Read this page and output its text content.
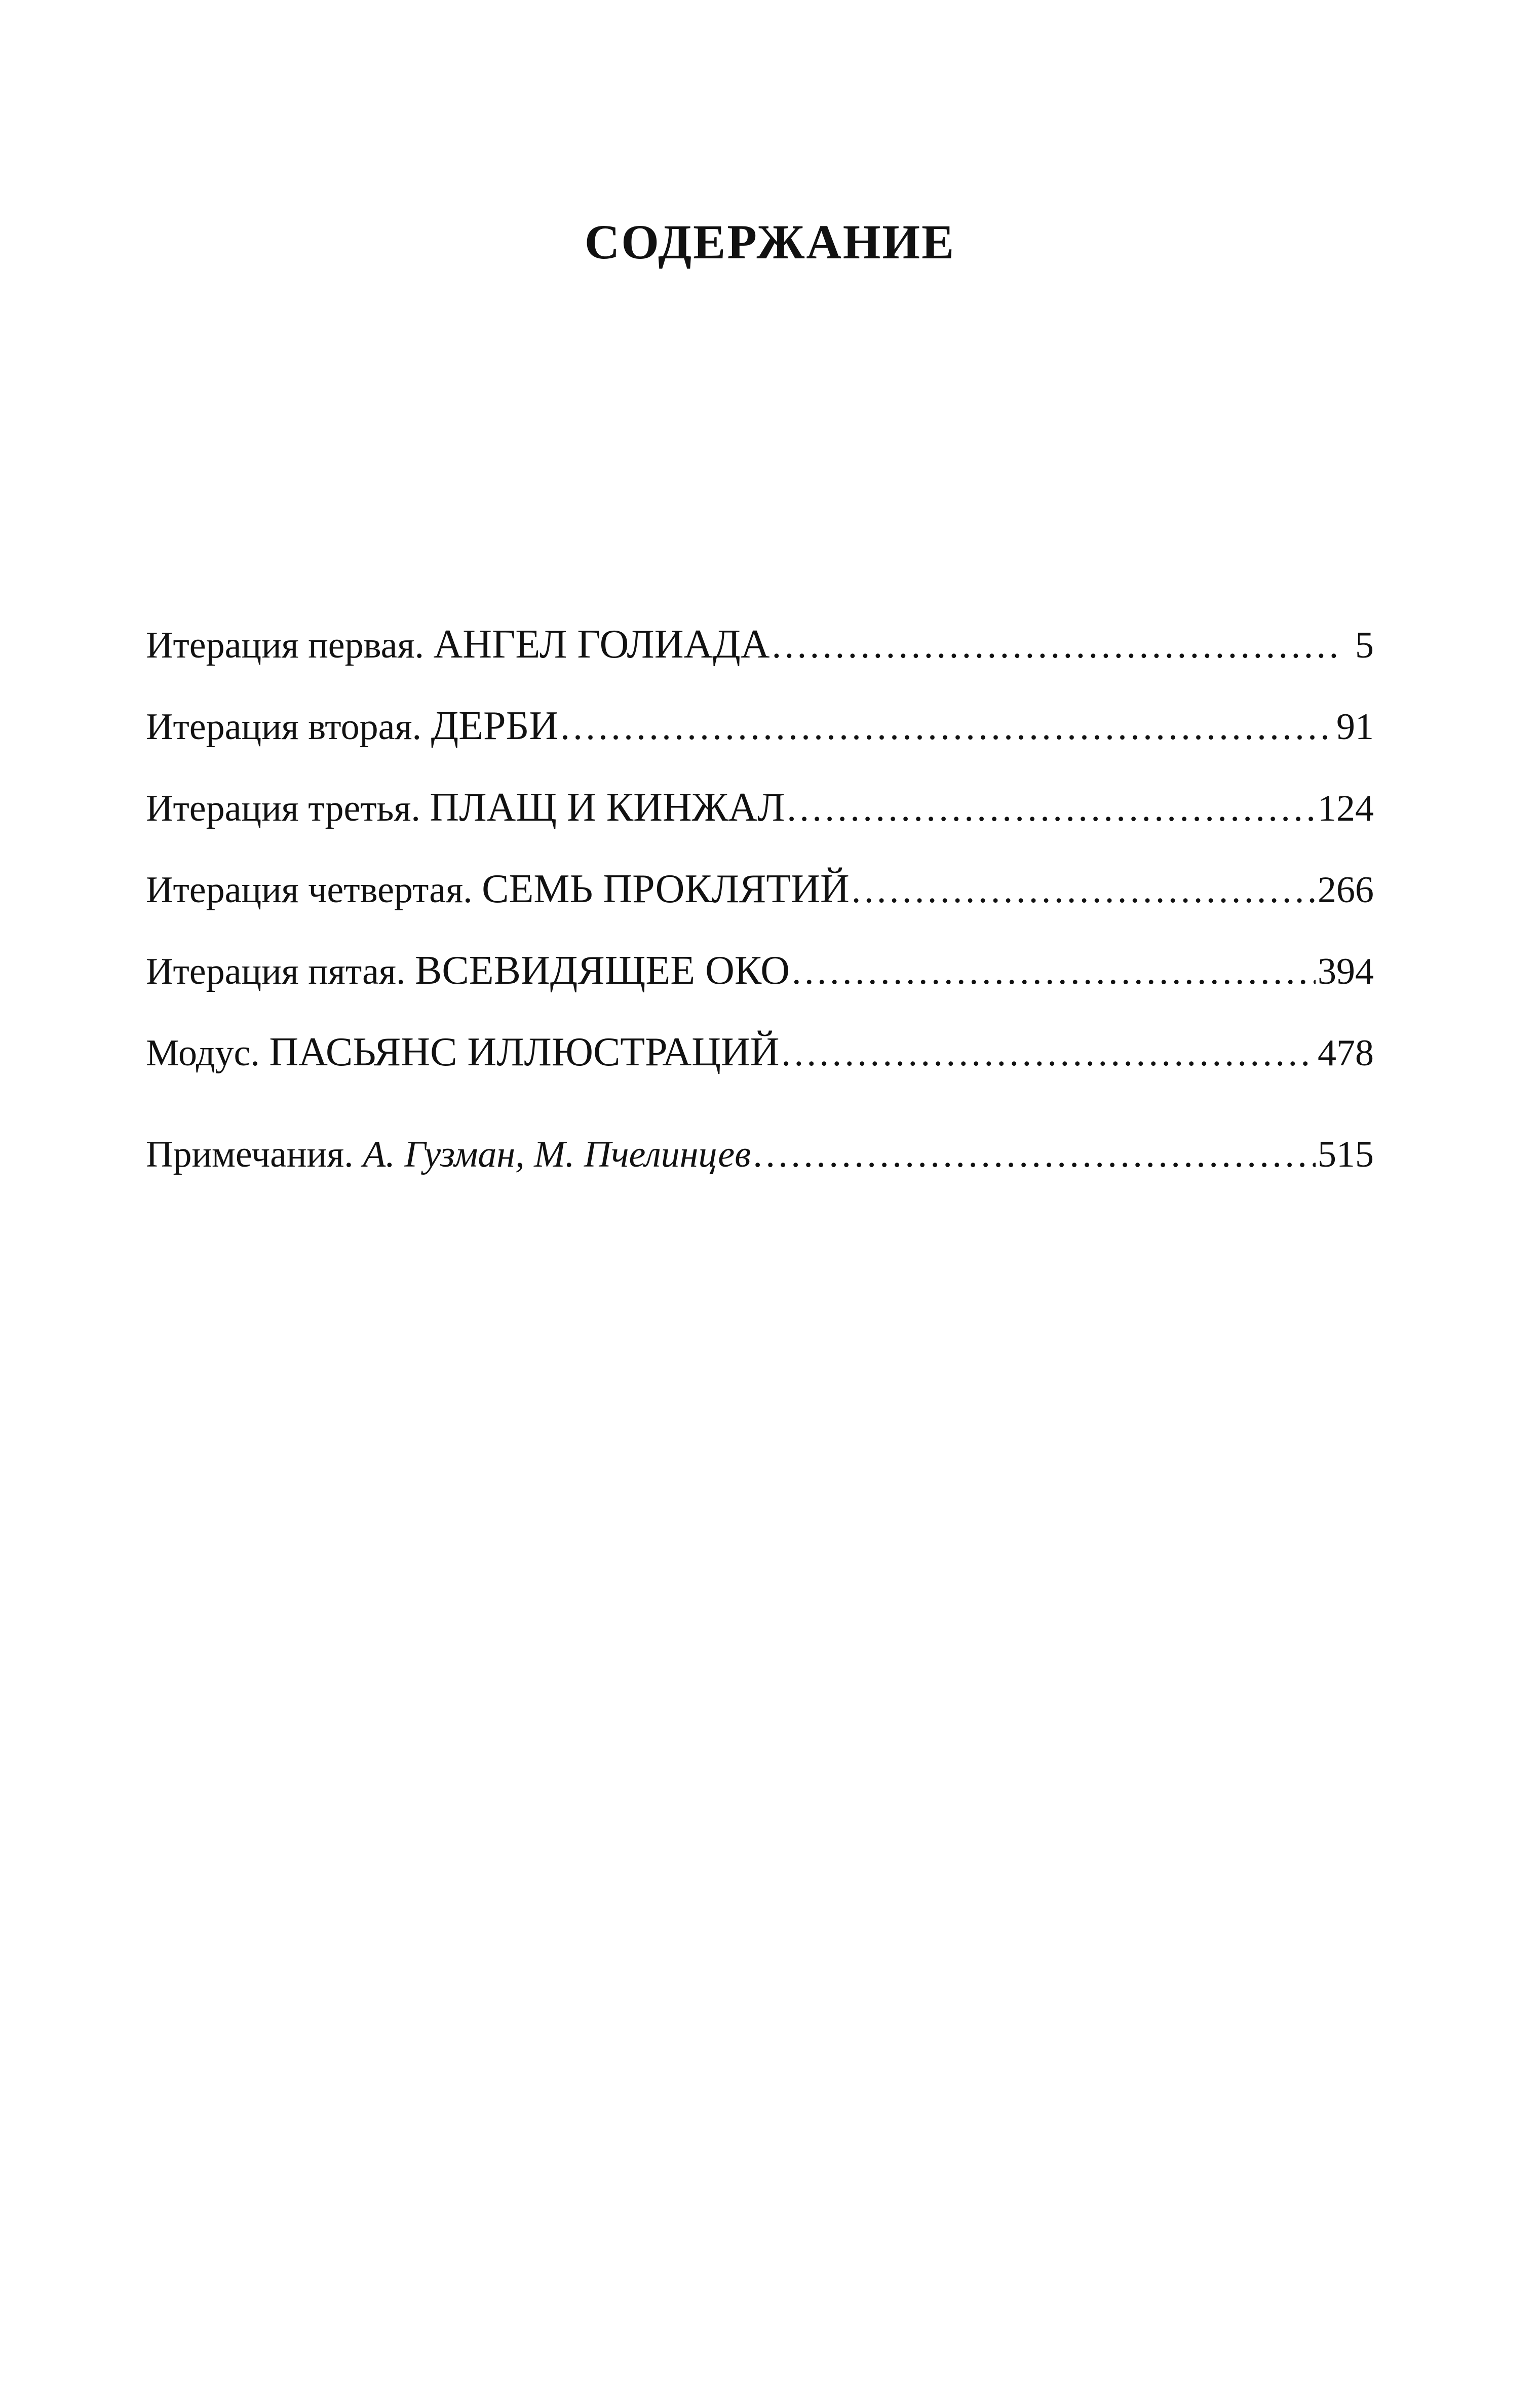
СОДЕРЖАНИЕ
Итерация первая. АНГЕЛ ГОЛИАДА . . .	5
Итерация вторая. ДЕРБИ . . .	91
Итерация третья. ПЛАЩ И КИНЖАЛ . . .	124
Итерация четвертая. СЕМЬ ПРОКЛЯТИЙ . . .	266
Итерация пятая. ВСЕВИДЯЩЕЕ ОКО . . .	394
Модус. ПАСЬЯНС ИЛЛЮСТРАЦИЙ . . .	478
Примечания. А. Гузман, М. Пчелинцев . . .	515
